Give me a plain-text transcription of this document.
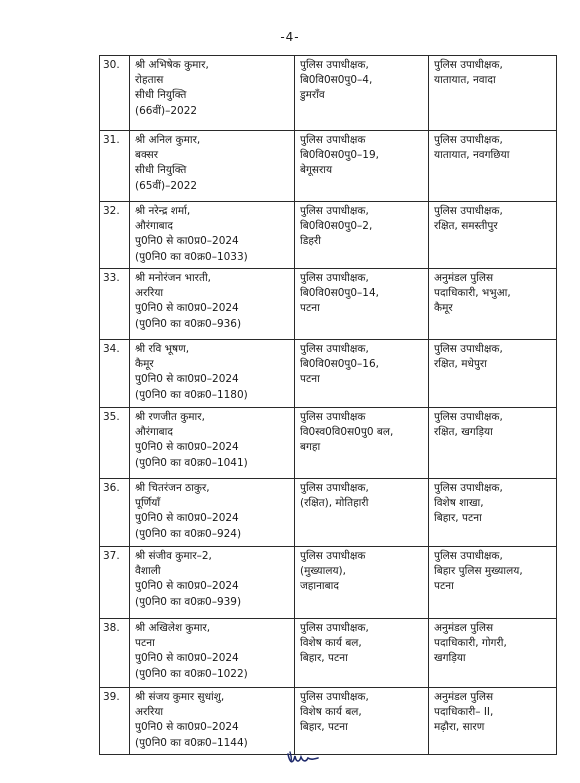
-4-
30.	श्री अभिषेक कुमार,
रोहतास
सीधी नियुक्ति
(66वीं)–2022	पुलिस उपाधीक्षक,
बि0वि0स0पु0–4,
डुमराँव	पुलिस उपाधीक्षक,
यातायात, नवादा

31.	श्री अनिल कुमार,
बक्सर
सीधी नियुक्ति
(65वीं)–2022	पुलिस उपाधीक्षक
बि0वि0स0पु0–19,
बेगूसराय	पुलिस उपाधीक्षक,
यातायात, नवगछिया

32.	श्री नरेन्द्र शर्मा,
औरंगाबाद
पु0नि0 से का0प्र0–2024
(पु0नि0 का व0क्र0–1033)	पुलिस उपाधीक्षक,
बि0वि0स0पु0–2,
डिहरी	पुलिस उपाधीक्षक,
रक्षित, समस्तीपुर

33.	श्री मनोरंजन भारती,
अररिया
पु0नि0 से का0प्र0–2024
(पु0नि0 का व0क्र0–936)	पुलिस उपाधीक्षक,
बि0वि0स0पु0–14,
पटना	अनुमंडल पुलिस
पदाधिकारी, भभुआ,
कैमूर

34.	श्री रवि भूषण,
कैमूर
पु0नि0 से का0प्र0–2024
(पु0नि0 का व0क्र0–1180)	पुलिस उपाधीक्षक,
बि0वि0स0पु0–16,
पटना	पुलिस उपाधीक्षक,
रक्षित, मधेपुरा

35.	श्री रणजीत कुमार,
औरंगाबाद
पु0नि0 से का0प्र0–2024
(पु0नि0 का व0क्र0–1041)	पुलिस उपाधीक्षक
वि0स्व0वि0स0पु0 बल,
बगहा	पुलिस उपाधीक्षक,
रक्षित, खगड़िया

36.	श्री चितरंजन ठाकुर,
पूर्णियाँ
पु0नि0 से का0प्र0–2024
(पु0नि0 का व0क्र0–924)	पुलिस उपाधीक्षक,
(रक्षित), मोतिहारी	पुलिस उपाधीक्षक,
विशेष शाखा,
बिहार, पटना

37.	श्री संजीव कुमार–2,
वैशाली
पु0नि0 से का0प्र0–2024
(पु0नि0 का व0क्र0–939)	पुलिस उपाधीक्षक
(मुख्यालय),
जहानाबाद	पुलिस उपाधीक्षक,
बिहार पुलिस मुख्यालय,
पटना

38.	श्री अखिलेश कुमार,
पटना
पु0नि0 से का0प्र0–2024
(पु0नि0 का व0क्र0–1022)	पुलिस उपाधीक्षक,
विशेष कार्य बल,
बिहार, पटना	अनुमंडल पुलिस
पदाधिकारी, गोगरी,
खगड़िया

39.	श्री संजय कुमार सुधांशु,
अररिया
पु0नि0 से का0प्र0–2024
(पु0नि0 का व0क्र0–1144)	पुलिस उपाधीक्षक,
विशेष कार्य बल,
बिहार, पटना	अनुमंडल पुलिस
पदाधिकारी– II,
मढ़ौरा, सारण
